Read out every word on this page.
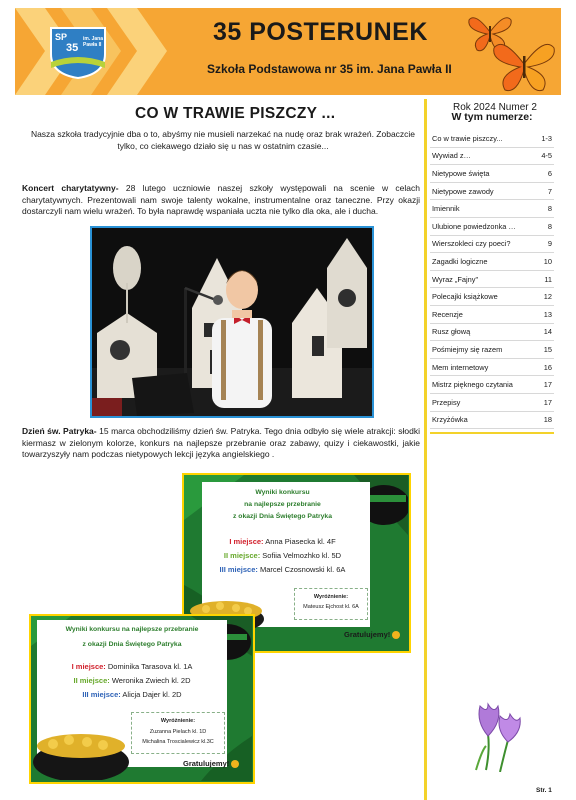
SP
35
im. Jana Pawła II	35 POSTERUNEK
Szkoła Podstawowa nr 35 im. Jana Pawła II
CO W TRAWIE PISZCZY ...	Rok 2024 Numer 2
Nasza szkoła tradycyjnie dba o to, abyśmy nie musieli narzekać na nudę oraz brak wrażeń. Zobaczcie tylko, co ciekawego działo się u nas w ostatnim czasie...
Koncert charytatywny- 28 lutego uczniowie naszej szkoły występowali na scenie w celach charytatywnych. Prezentowali nam swoje talenty wokalne, instrumentalne oraz taneczne. Przy okazji dostarczyli nam wielu wrażeń. To była naprawdę wspaniała uczta nie tylko dla oka, ale i ducha.
Dzień św. Patryka- 15 marca obchodziliśmy dzień św. Patryka. Tego dnia odbyło się wiele atrakcji: słodki kiermasz w zielonym kolorze, konkurs na najlepsze przebranie oraz zabawy, quizy i ciekawostki, jakie towarzyszyły nam podczas nietypowych lekcji języka angielskiego .
Wyniki konkursu
na najlepsze przebranie
z okazji Dnia Świętego Patryka
I miejsce: Anna Piasecka kl. 4F
II miejsce: Sofiia Velmozhko kl. 5D
III miejsce: Marcel Czosnowski kl. 6A
Wyróżnienie:
Mateusz Ejchost kl. 6A
Gratulujemy!
Wyniki konkursu na najlepsze przebranie
z okazji Dnia Świętego Patryka
I miejsce: Dominika Tarasova kl. 1A
II miejsce: Weronika Zwiech kl. 2D
III miejsce: Alicja Dajer kl. 2D
Wyróżnienie:
Zuzanna Pielach kl. 1D
Michalina Troscialewicz kl.3C
Gratulujemy!
W tym numerze:
Co w trawie piszczy...	1-3
Wywiad z…	4-5
Nietypowe święta	6
Nietypowe zawody	7
Imiennik	8
Ulubione powiedzonka …	8
Wierszokleci czy poeci?	9
Zagadki logiczne	10
Wyraz „Fajny"	11
Polecajki książkowe	12
Recenzje	13
Rusz głową	14
Pośmiejmy się razem	15
Mem internetowy	16
Mistrz pięknego czytania	17
Przepisy	17
Krzyżówka	18
Str. 1
